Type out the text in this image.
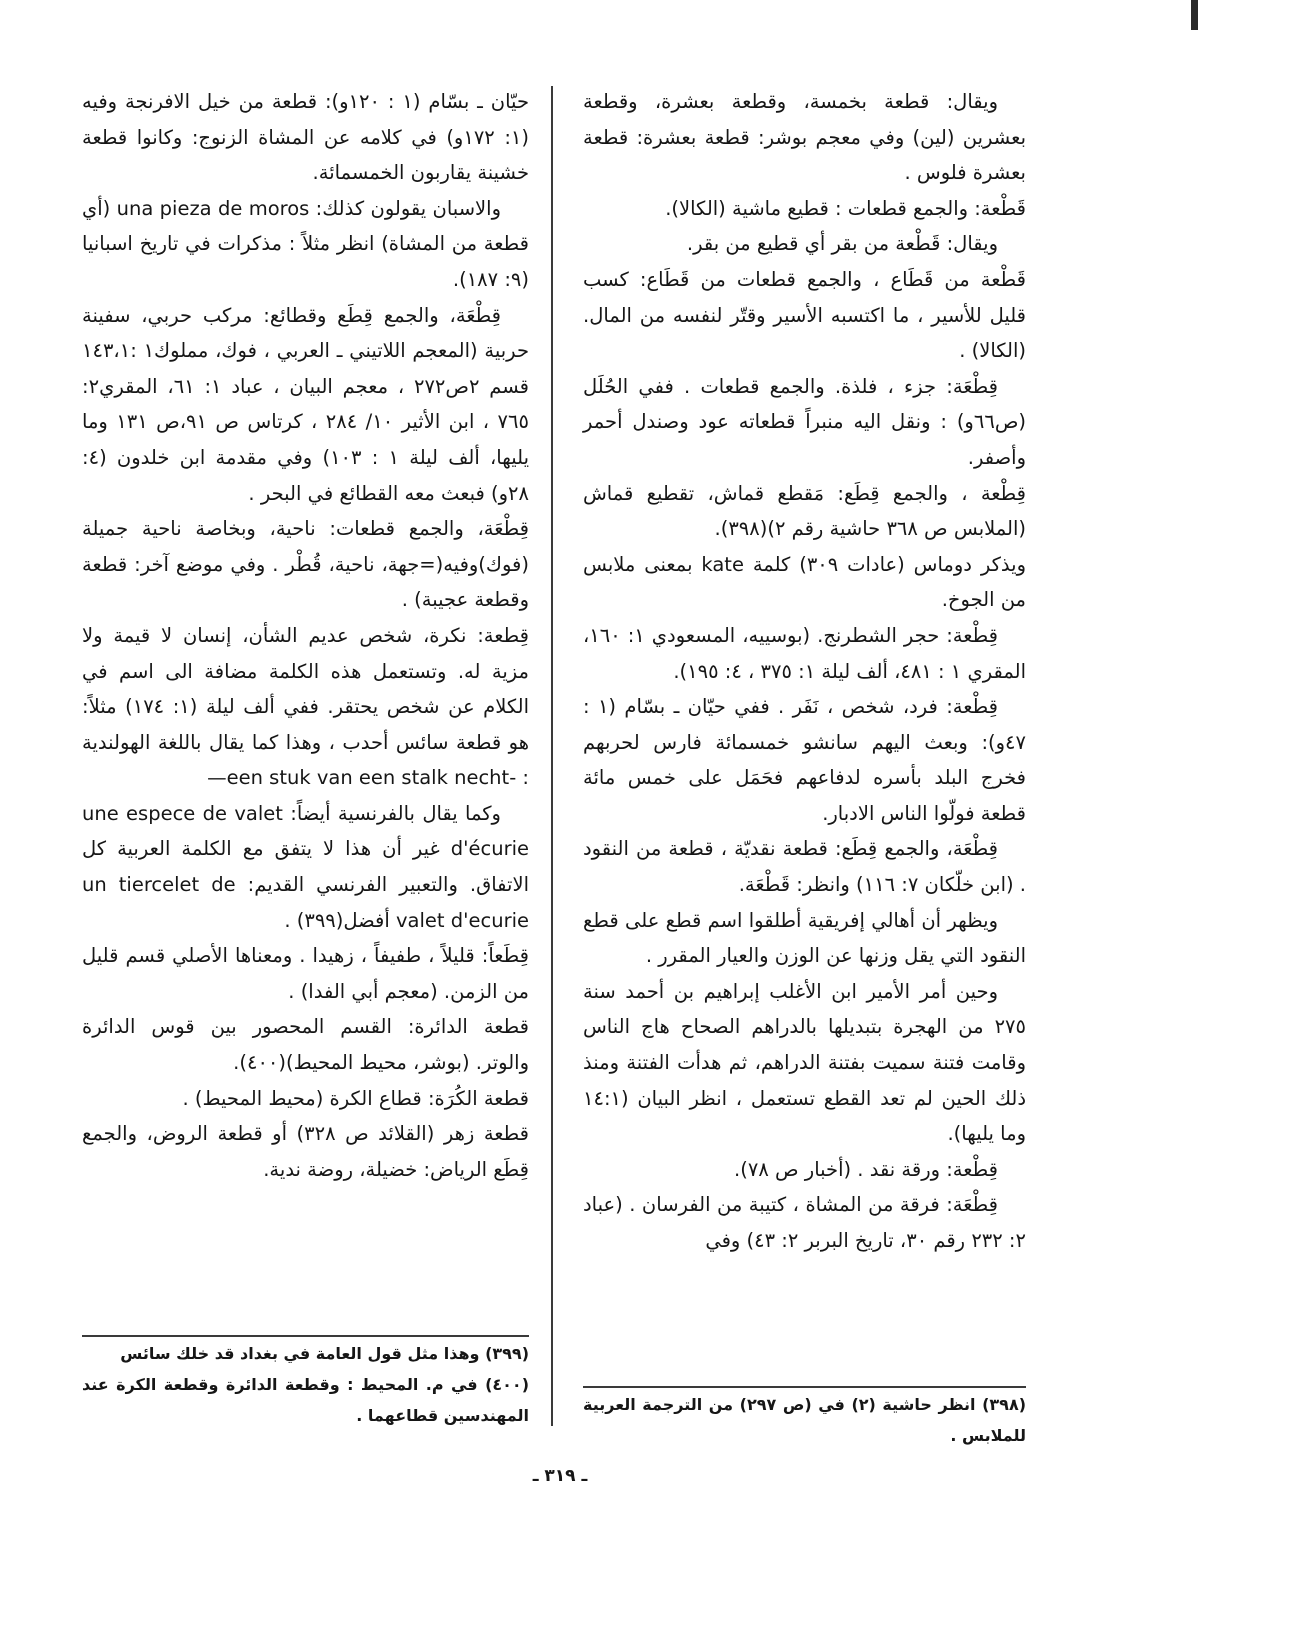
ويقال: قطعة بخمسة، وقطعة بعشرة، وقطعة بعشرين (لين) وفي معجم بوشر: قطعة بعشرة: قطعة بعشرة فلوس .

قَطْعة: والجمع قطعات : قطيع ماشية (الكالا).

ويقال: قَطْعة من بقر أي قطيع من بقر.

قَطْعة من قَطَاع ، والجمع قطعات من قَطَاع: كسب قليل للأسير ، ما اكتسبه الأسير وقتّر لنفسه من المال. (الكالا) .

قِطْعَة: جزء ، فلذة. والجمع قطعات . ففي الحُلَل (ص٦٦و) : ونقل اليه منبراً قطعاته عود وصندل أحمر وأصفر.

قِطْعة ، والجمع قِطَع: مَقطع قماش، تقطيع قماش (الملابس ص ٣٦٨ حاشية رقم ٢)(٣٩٨).

ويذكر دوماس (عادات ٣٠٩) كلمة kate بمعنى ملابس من الجوخ.

قِطْعة: حجر الشطرنج. (بوسييه، المسعودي ١: ١٦٠، المقري ١ : ٤٨١، ألف ليلة ١: ٣٧٥ ، ٤: ١٩٥).

قِطْعة: فرد، شخص ، نَفَر . ففي حيّان ـ بسّام (١ : ٤٧و): وبعث اليهم سانشو خمسمائة فارس لحربهم فخرج البلد بأسره لدفاعهم فحَمَل على خمس مائة قطعة فولّوا الناس الادبار.

قِطْعَة، والجمع قِطَع: قطعة نقديّة ، قطعة من النقود . (ابن خلّكان ٧: ١١٦) وانظر: قَطْعَة.

ويظهر أن أهالي إفريقية أطلقوا اسم قطع على قطع النقود التي يقل وزنها عن الوزن والعيار المقرر .

وحين أمر الأمير ابن الأغلب إبراهيم بن أحمد سنة ٢٧٥ من الهجرة بتبديلها بالدراهم الصحاح هاج الناس وقامت فتنة سميت بفتنة الدراهم، ثم هدأت الفتنة ومنذ ذلك الحين لم تعد القطع تستعمل ، انظر البيان (١٤:١ وما يليها).

قِطْعة: ورقة نقد . (أخبار ص ٧٨).

قِطْعَة: فرقة من المشاة ، كتيبة من الفرسان . (عباد ٢: ٢٣٢ رقم ٣٠، تاريخ البربر ٢: ٤٣) وفي

حيّان ـ بسّام (١ : ١٢٠و): قطعة من خيل الافرنجة وفيه (١: ١٧٢و) في كلامه عن المشاة الزنوج: وكانوا قطعة خشينة يقاربون الخمسمائة.

والاسبان يقولون كذلك: una pieza de moros (أي قطعة من المشاة) انظر مثلاً : مذكرات في تاريخ اسبانيا (٩: ١٨٧).

قِطْعَة، والجمع قِطَع وقطائع: مركب حربي، سفينة حربية (المعجم اللاتيني ـ العربي ، فوك، مملوك١ :١٤٣،١ قسم ٢ص٢٧٢ ، معجم البيان ، عباد ١: ٦١، المقري٢: ٧٦٥ ، ابن الأثير ١٠/ ٢٨٤ ، كرتاس ص ٩١،ص ١٣١ وما يليها، ألف ليلة ١ : ١٠٣) وفي مقدمة ابن خلدون (٤: ٢٨و) فبعث معه القطائع في البحر .

قِطْعَة، والجمع قطعات: ناحية، وبخاصة ناحية جميلة (فوك)وفيه(=جهة، ناحية، قُطْر . وفي موضع آخر: قطعة وقطعة عجيبة) .

قِطعة: نكرة، شخص عديم الشأن، إنسان لا قيمة ولا مزية له. وتستعمل هذه الكلمة مضافة الى اسم في الكلام عن شخص يحتقر. ففي ألف ليلة (١: ١٧٤) مثلاً: هو قطعة سائس أحدب ، وهذا كما يقال باللغة الهولندية : -een stuk van een stalk necht—

وكما يقال بالفرنسية أيضاً: une espece de valet d'écurie غير أن هذا لا يتفق مع الكلمة العربية كل الاتفاق. والتعبير الفرنسي القديم: un tiercelet de valet d'ecurie أفضل(٣٩٩) .

قِطَعاً: قليلاً ، طفيفاً ، زهيدا . ومعناها الأصلي قسم قليل من الزمن. (معجم أبي الفدا) .

قطعة الدائرة: القسم المحصور بين قوس الدائرة والوتر. (بوشر، محيط المحيط)(٤٠٠).

قطعة الكُرَة: قطاع الكرة (محيط المحيط) .

قطعة زهر (القلائد ص ٣٢٨) أو قطعة الروض، والجمع قِطَع الرياض: خضيلة، روضة ندية.

(٣٩٨) انظر حاشية (٢) في (ص ٢٩٧) من الترجمة العربية للملابس .

(٣٩٩) وهذا مثل قول العامة في بغداد قد خلك سائس

(٤٠٠) في م. المحيط : وقطعة الدائرة وقطعة الكرة عند المهندسين قطاعهما .

ـ ٣١٩ ـ
